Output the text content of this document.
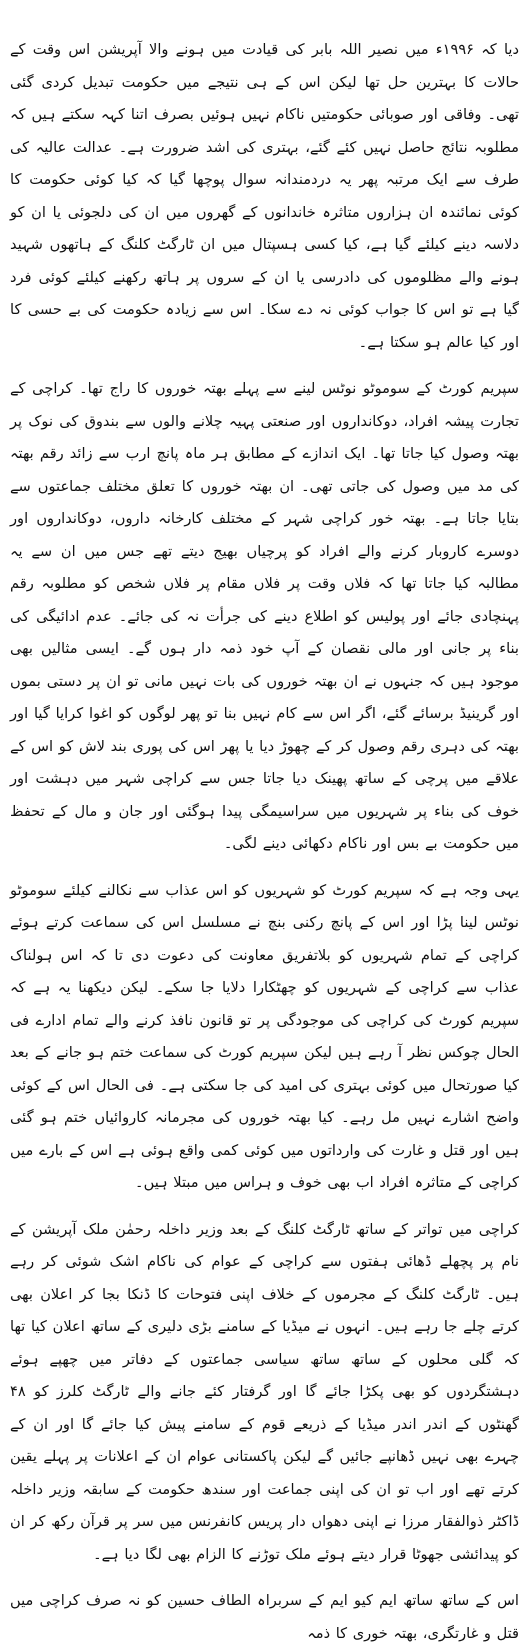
دیا کہ ۱۹۹۶ء میں نصیر اللہ بابر کی قیادت میں ہونے والا آپریشن اس وقت کے حالات کا بہترین حل تھا لیکن اس کے ہی نتیجے میں حکومت تبدیل کردی گئی تھی۔ وفاقی اور صوبائی حکومتیں ناکام نہیں ہوئیں بصرف اتنا کہہ سکتے ہیں کہ مطلوبہ نتائج حاصل نہیں کئے گئے، بہتری کی اشد ضرورت ہے۔ عدالت عالیہ کی طرف سے ایک مرتبہ پھر یہ دردمندانہ سوال پوچھا گیا کہ کیا کوئی حکومت کا کوئی نمائندہ ان ہزاروں متاثرہ خاندانوں کے گھروں میں ان کی دلجوئی یا ان کو دلاسہ دینے کیلئے گیا ہے، کیا کسی ہسپتال میں ان ٹارگٹ کلنگ کے ہاتھوں شہید ہونے والے مظلوموں کی دادرسی یا ان کے سروں پر ہاتھ رکھنے کیلئے کوئی فرد گیا ہے تو اس کا جواب کوئی نہ دے سکا۔ اس سے زیادہ حکومت کی بے حسی کا اور کیا عالم ہو سکتا ہے۔

سپریم کورٹ کے سوموٹو نوٹس لینے سے پہلے بھتہ خوروں کا راج تھا۔ کراچی کے تجارت پیشہ افراد، دوکانداروں اور صنعتی پہیہ چلانے والوں سے بندوق کی نوک پر بھتہ وصول کیا جاتا تھا۔ ایک اندازے کے مطابق ہر ماہ پانچ ارب سے زائد رقم بھتہ کی مد میں وصول کی جاتی تھی۔ ان بھتہ خوروں کا تعلق مختلف جماعتوں سے بتایا جاتا ہے۔ بھتہ خور کراچی شہر کے مختلف کارخانہ داروں، دوکانداروں اور دوسرے کاروبار کرنے والے افراد کو پرچیاں بھیج دیتے تھے جس میں ان سے یہ مطالبہ کیا جاتا تھا کہ فلاں وقت پر فلاں مقام پر فلاں شخص کو مطلوبہ رقم پہنچادی جائے اور پولیس کو اطلاع دینے کی جرأت نہ کی جائے۔ عدم ادائیگی کی بناء پر جانی اور مالی نقصان کے آپ خود ذمہ دار ہوں گے۔ ایسی مثالیں بھی موجود ہیں کہ جنہوں نے ان بھتہ خوروں کی بات نہیں مانی تو ان پر دستی بموں اور گرینیڈ برسائے گئے، اگر اس سے کام نہیں بنا تو پھر لوگوں کو اغوا کرایا گیا اور بھتہ کی دہری رقم وصول کر کے چھوڑ دیا یا پھر اس کی پوری بند لاش کو اس کے علاقے میں پرچی کے ساتھ پھینک دیا جاتا جس سے کراچی شہر میں دہشت اور خوف کی بناء پر شہریوں میں سراسیمگی پیدا ہوگئی اور جان و مال کے تحفظ میں حکومت بے بس اور ناکام دکھائی دینے لگی۔

یہی وجہ ہے کہ سپریم کورٹ کو شہریوں کو اس عذاب سے نکالنے کیلئے سوموٹو نوٹس لینا پڑا اور اس کے پانچ رکنی بنچ نے مسلسل اس کی سماعت کرتے ہوئے کراچی کے تمام شہریوں کو بلاتفریق معاونت کی دعوت دی تا کہ اس ہولناک عذاب سے کراچی کے شہریوں کو چھٹکارا دلایا جا سکے۔ لیکن دیکھنا یہ ہے کہ سپریم کورٹ کی کراچی کی موجودگی پر تو قانون نافذ کرنے والے تمام ادارے فی الحال چوکس نظر آ رہے ہیں لیکن سپریم کورٹ کی سماعت ختم ہو جانے کے بعد کیا صورتحال میں کوئی بہتری کی امید کی جا سکتی ہے۔ فی الحال اس کے کوئی واضح اشارے نہیں مل رہے۔ کیا بھتہ خوروں کی مجرمانہ کاروائیاں ختم ہو گئی ہیں اور قتل و غارت کی وارداتوں میں کوئی کمی واقع ہوئی ہے اس کے بارے میں کراچی کے متاثرہ افراد اب بھی خوف و ہراس میں مبتلا ہیں۔

کراچی میں تواتر کے ساتھ ٹارگٹ کلنگ کے بعد وزیر داخلہ رحمٰن ملک آپریشن کے نام پر پچھلے ڈھائی ہفتوں سے کراچی کے عوام کی ناکام اشک شوئی کر رہے ہیں۔ ٹارگٹ کلنگ کے مجرموں کے خلاف اپنی فتوحات کا ڈنکا بجا کر اعلان بھی کرتے چلے جا رہے ہیں۔ انہوں نے میڈیا کے سامنے بڑی دلیری کے ساتھ اعلان کیا تھا کہ گلی محلوں کے ساتھ ساتھ سیاسی جماعتوں کے دفاتر میں چھپے ہوئے دہشتگردوں کو بھی پکڑا جائے گا اور گرفتار کئے جانے والے ٹارگٹ کلرز کو ۴۸ گھنٹوں کے اندر اندر میڈیا کے ذریعے قوم کے سامنے پیش کیا جائے گا اور ان کے چہرے بھی نہیں ڈھانپے جائیں گے لیکن پاکستانی عوام ان کے اعلانات پر پہلے یقین کرتے تھے اور اب تو ان کی اپنی جماعت اور سندھ حکومت کے سابقہ وزیر داخلہ ڈاکٹر ذوالفقار مرزا نے اپنی دھواں دار پریس کانفرنس میں سر پر قرآن رکھ کر ان کو پیدائشی جھوٹا قرار دیتے ہوئے ملک توڑنے کا الزام بھی لگا دیا ہے۔

اس کے ساتھ ساتھ ایم کیو ایم کے سربراہ الطاف حسین کو نہ صرف کراچی میں قتل و غارتگری، بھتہ خوری کا ذمہ
